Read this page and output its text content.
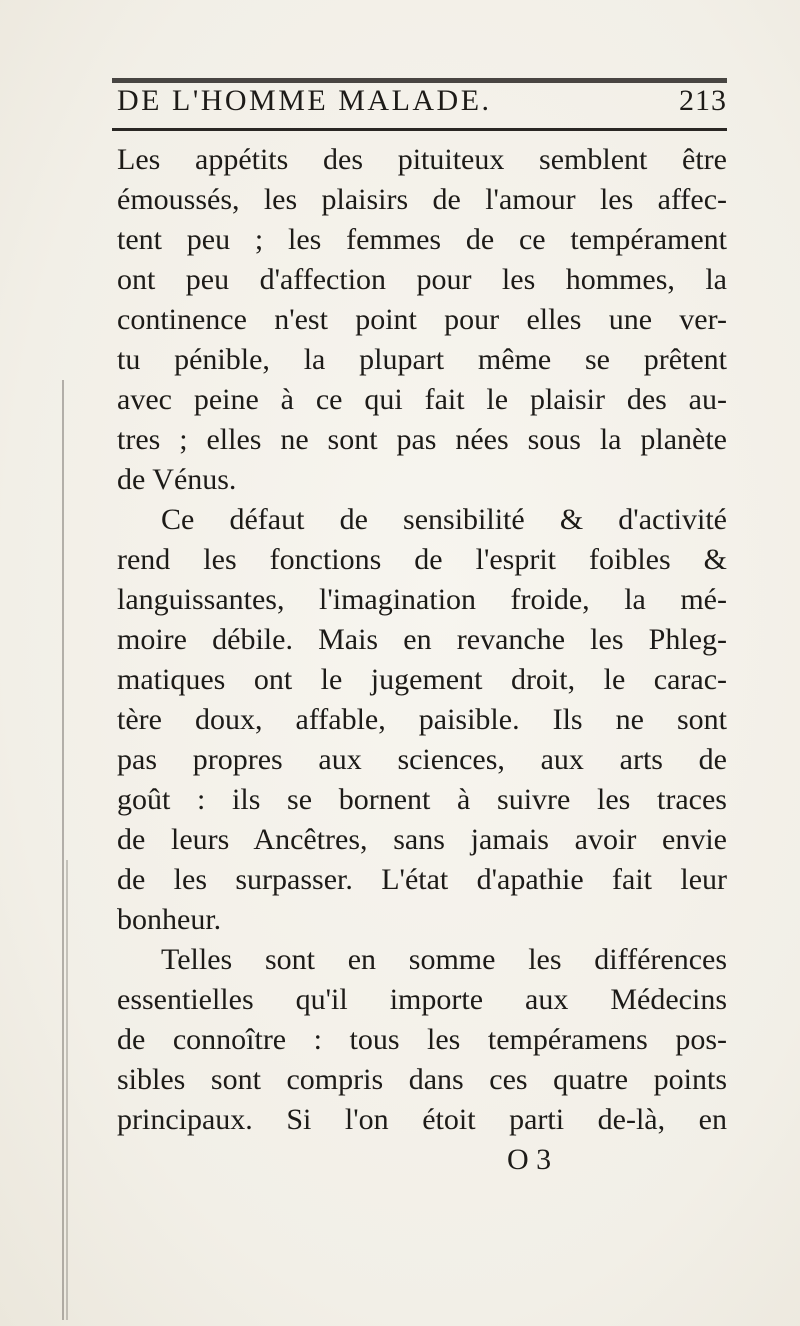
DE L'HOMME MALADE.	213
Les appétits des pituiteux semblent être
émoussés, les plaisirs de l'amour les affec-
tent peu ; les femmes de ce tempérament
ont peu d'affection pour les hommes, la
continence n'est point pour elles une ver-
tu pénible, la plupart même se prêtent
avec peine à ce qui fait le plaisir des au-
tres ; elles ne sont pas nées sous la planète
de Vénus.
Ce défaut de sensibilité & d'activité
rend les fonctions de l'esprit foibles &
languissantes, l'imagination froide, la mé-
moire débile. Mais en revanche les Phleg-
matiques ont le jugement droit, le carac-
tère doux, affable, paisible. Ils ne sont
pas propres aux sciences, aux arts de
goût : ils se bornent à suivre les traces
de leurs Ancêtres, sans jamais avoir envie
de les surpasser. L'état d'apathie fait leur
bonheur.
Telles sont en somme les différences
essentielles qu'il importe aux Médecins
de connoître : tous les tempéramens pos-
sibles sont compris dans ces quatre points
principaux. Si l'on étoit parti de-là, en
O 3
